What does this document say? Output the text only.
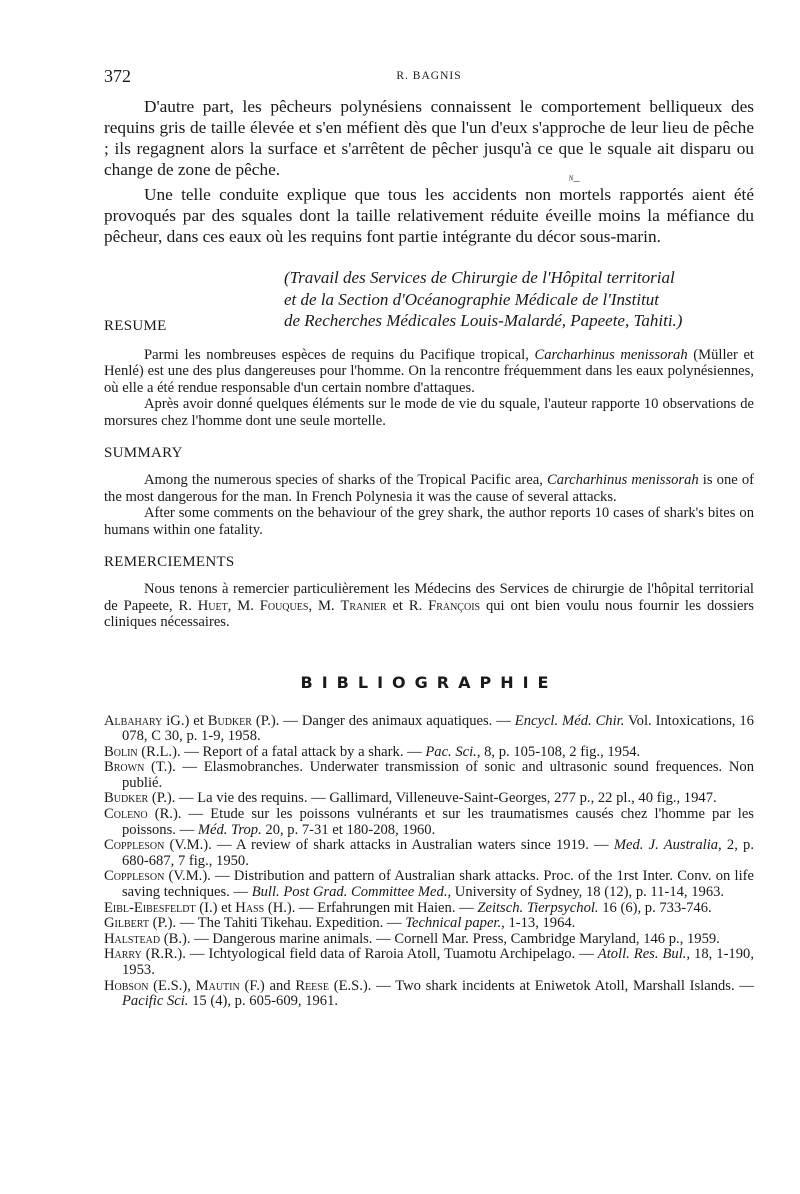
372	R. BAGNIS

D'autre part, les pêcheurs polynésiens connaissent le comportement belliqueux des requins gris de taille élevée et s'en méfient dès que l'un d'eux s'approche de leur lieu de pêche ; ils regagnent alors la surface et s'arrêtent de pêcher jusqu'à ce que le squale ait disparu ou change de zone de pêche.

Une telle conduite explique que tous les accidents
ᴺ–
non mortels rapportés aient été provoqués par des squales dont la taille relativement réduite éveille moins la méfiance du pêcheur, dans ces eaux où les requins font partie intégrante du décor sous-marin.

(Travail des Services de Chirurgie de l'Hôpital territorial
et de la Section d'Océanographie Médicale de l'Institut
de Recherches Médicales Louis-Malardé, Papeete, Tahiti.)

RESUME

Parmi les nombreuses espèces de requins du Pacifique tropical, Carcharhinus menissorah (Müller et Henlé) est une des plus dangereuses pour l'homme. On la rencontre fréquemment dans les eaux polynésiennes, où elle a été rendue responsable d'un certain nombre d'attaques.

Après avoir donné quelques éléments sur le mode de vie du squale, l'auteur rapporte 10 observations de morsures chez l'homme dont une seule mortelle.

SUMMARY

Among the numerous species of sharks of the Tropical Pacific area, Carcharhinus menissorah is one of the most dangerous for the man. In French Polynesia it was the cause of several attacks.

After some comments on the behaviour of the grey shark, the author reports 10 cases of shark's bites on humans within one fatality.

REMERCIEMENTS

Nous tenons à remercier particulièrement les Médecins des Services de chirurgie de l'hôpital territorial de Papeete, R. Huet, M. Fouques, M. Tranier et R. François qui ont bien voulu nous fournir les dossiers cliniques nécessaires.

BIBLIOGRAPHIE

Albahary iG.) et Budker (P.). — Danger des animaux aquatiques. — Encycl. Méd. Chir. Vol. Intoxications, 16 078, C 30, p. 1-9, 1958.

Bolin (R.L.). — Report of a fatal attack by a shark. — Pac. Sci., 8, p. 105-108, 2 fig., 1954.

Brown (T.). — Elasmobranches. Underwater transmission of sonic and ultrasonic sound frequences. Non publié.

Budker (P.). — La vie des requins. — Gallimard, Villeneuve-Saint-Georges, 277 p., 22 pl., 40 fig., 1947.

Coleno (R.). — Etude sur les poissons vulnérants et sur les traumatismes causés chez l'homme par les poissons. — Méd. Trop. 20, p. 7-31 et 180-208, 1960.

Coppleson (V.M.). — A review of shark attacks in Australian waters since 1919. — Med. J. Australia, 2, p. 680-687, 7 fig., 1950.

Coppleson (V.M.). — Distribution and pattern of Australian shark attacks. Proc. of the 1rst Inter. Conv. on life saving techniques. — Bull. Post Grad. Committee Med., University of Sydney, 18 (12), p. 11-14, 1963.

Eibl-Eibesfeldt (I.) et Hass (H.). — Erfahrungen mit Haien. — Zeitsch. Tierpsychol. 16 (6), p. 733-746.

Gilbert (P.). — The Tahiti Tikehau. Expedition. — Technical paper., 1-13, 1964.

Halstead (B.). — Dangerous marine animals. — Cornell Mar. Press, Cambridge Maryland, 146 p., 1959.

Harry (R.R.). — Ichtyological field data of Raroia Atoll, Tuamotu Archipelago. — Atoll. Res. Bul., 18, 1-190, 1953.

Hobson (E.S.), Mautin (F.) and Reese (E.S.). — Two shark incidents at Eniwetok Atoll, Marshall Islands. — Pacific Sci. 15 (4), p. 605-609, 1961.
